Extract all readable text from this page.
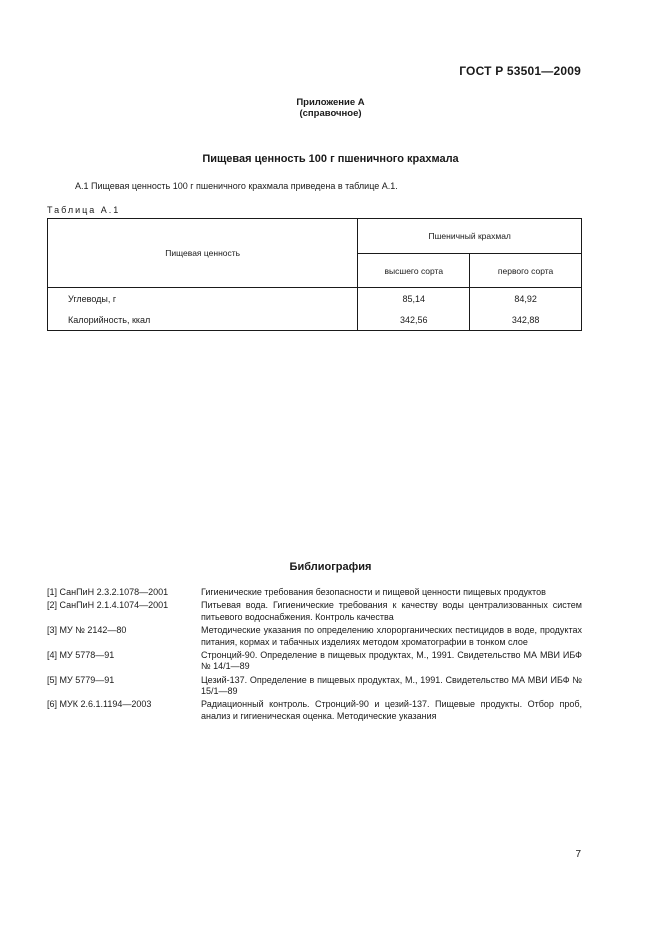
ГОСТ Р 53501—2009
Приложение А
(справочное)
Пищевая ценность 100 г пшеничного крахмала
А.1 Пищевая ценность 100 г пшеничного крахмала приведена в таблице А.1.
Таблица А.1
Пищевая ценность	Пшеничный крахмал	
	высшего сорта	первого сорта
Углеводы, г	85,14	84,92
Калорийность, ккал	342,56	342,88
Библиография
[1] СанПиН 2.3.2.1078—2001	Гигиенические требования безопасности и пищевой ценности пищевых продуктов
[2] СанПиН 2.1.4.1074—2001	Питьевая вода. Гигиенические требования к качеству воды централизованных систем питьевого водоснабжения. Контроль качества
[3] МУ № 2142—80	Методические указания по определению хлорорганических пестицидов в воде, продуктах питания, кормах и табачных изделиях методом хроматографии в тонком слое
[4] МУ 5778—91	Стронций-90. Определение в пищевых продуктах, М., 1991. Свидетельство МА МВИ ИБФ № 14/1—89
[5] МУ 5779—91	Цезий-137. Определение в пищевых продуктах, М., 1991. Свидетельство МА МВИ ИБФ № 15/1—89
[6] МУК 2.6.1.1194—2003	Радиационный контроль. Стронций-90 и цезий-137. Пищевые продукты. Отбор проб, анализ и гигиеническая оценка. Методические указания
7
